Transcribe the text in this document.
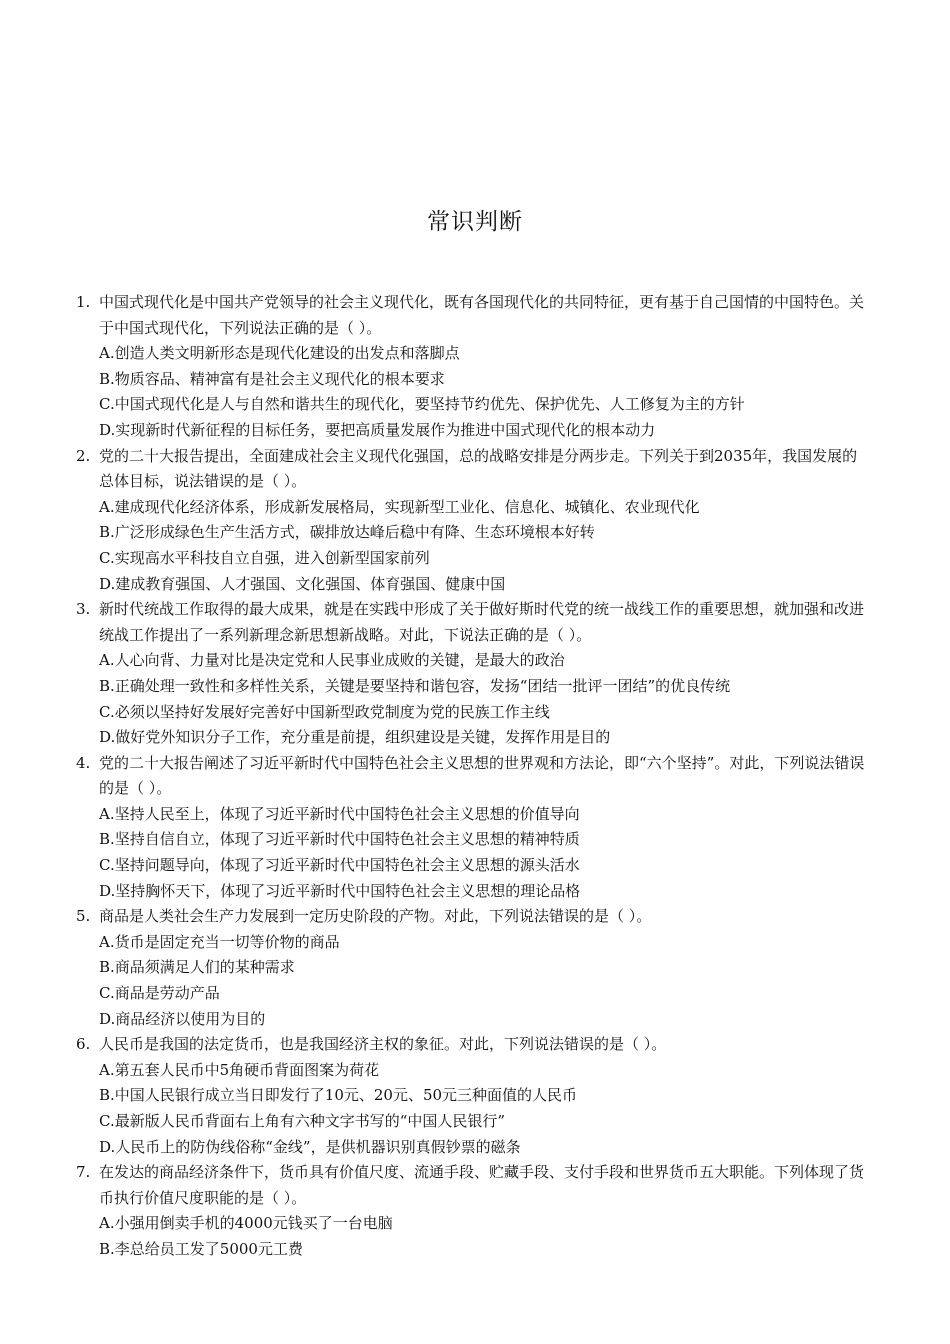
常识判断
1. 中国式现代化是中国共产党领导的社会主义现代化，既有各国现代化的共同特征，更有基于自己国情的中国特色。关于中国式现代化，下列说法正确的是（ ）。
A.创造人类文明新形态是现代化建设的出发点和落脚点
B.物质容品、精神富有是社会主义现代化的根本要求
C.中国式现代化是人与自然和谐共生的现代化，要坚持节约优先、保护优先、人工修复为主的方针
D.实现新时代新征程的目标任务，要把高质量发展作为推进中国式现代化的根本动力
2. 党的二十大报告提出，全面建成社会主义现代化强国，总的战略安排是分两步走。下列关于到2035年，我国发展的总体目标，说法错误的是（ ）。
A.建成现代化经济体系，形成新发展格局，实现新型工业化、信息化、城镇化、农业现代化
B.广泛形成绿色生产生活方式，碳排放达峰后稳中有降、生态环境根本好转
C.实现高水平科技自立自强，进入创新型国家前列
D.建成教育强国、人才强国、文化强国、体育强国、健康中国
3. 新时代统战工作取得的最大成果，就是在实践中形成了关于做好斯时代党的统一战线工作的重要思想，就加强和改进统战工作提出了一系列新理念新思想新战略。对此，下说法正确的是（ ）。
A.人心向背、力量对比是决定党和人民事业成败的关键，是最大的政治
B.正确处理一致性和多样性关系，关键是要坚持和谐包容，发扬“团结一批评一团结”的优良传统
C.必须以坚持好发展好完善好中国新型政党制度为党的民族工作主线
D.做好党外知识分子工作，充分重是前提，组织建设是关键，发挥作用是目的
4. 党的二十大报告阐述了习近平新时代中国特色社会主义思想的世界观和方法论，即“六个坚持”。对此，下列说法错误的是（ ）。
A.坚持人民至上，体现了习近平新时代中国特色社会主义思想的价值导向
B.坚持自信自立，体现了习近平新时代中国特色社会主义思想的精神特质
C.坚持问题导向，体现了习近平新时代中国特色社会主义思想的源头活水
D.坚持胸怀天下，体现了习近平新时代中国特色社会主义思想的理论品格
5. 商品是人类社会生产力发展到一定历史阶段的产物。对此，下列说法错误的是（ ）。
A.货币是固定充当一切等价物的商品
B.商品须满足人们的某种需求
C.商品是劳动产品
D.商品经济以使用为目的
6. 人民币是我国的法定货币，也是我国经济主权的象征。对此，下列说法错误的是（ ）。
A.第五套人民币中5角硬币背面图案为荷花
B.中国人民银行成立当日即发行了10元、20元、50元三种面值的人民币
C.最新版人民币背面右上角有六种文字书写的“中国人民银行”
D.人民币上的防伪线俗称“金线”，是供机器识别真假钞票的磁条
7. 在发达的商品经济条件下，货币具有价值尺度、流通手段、贮藏手段、支付手段和世界货币五大职能。下列体现了货币执行价值尺度职能的是（ ）。
A.小强用倒卖手机的4000元钱买了一台电脑
B.李总给员工发了5000元工费
